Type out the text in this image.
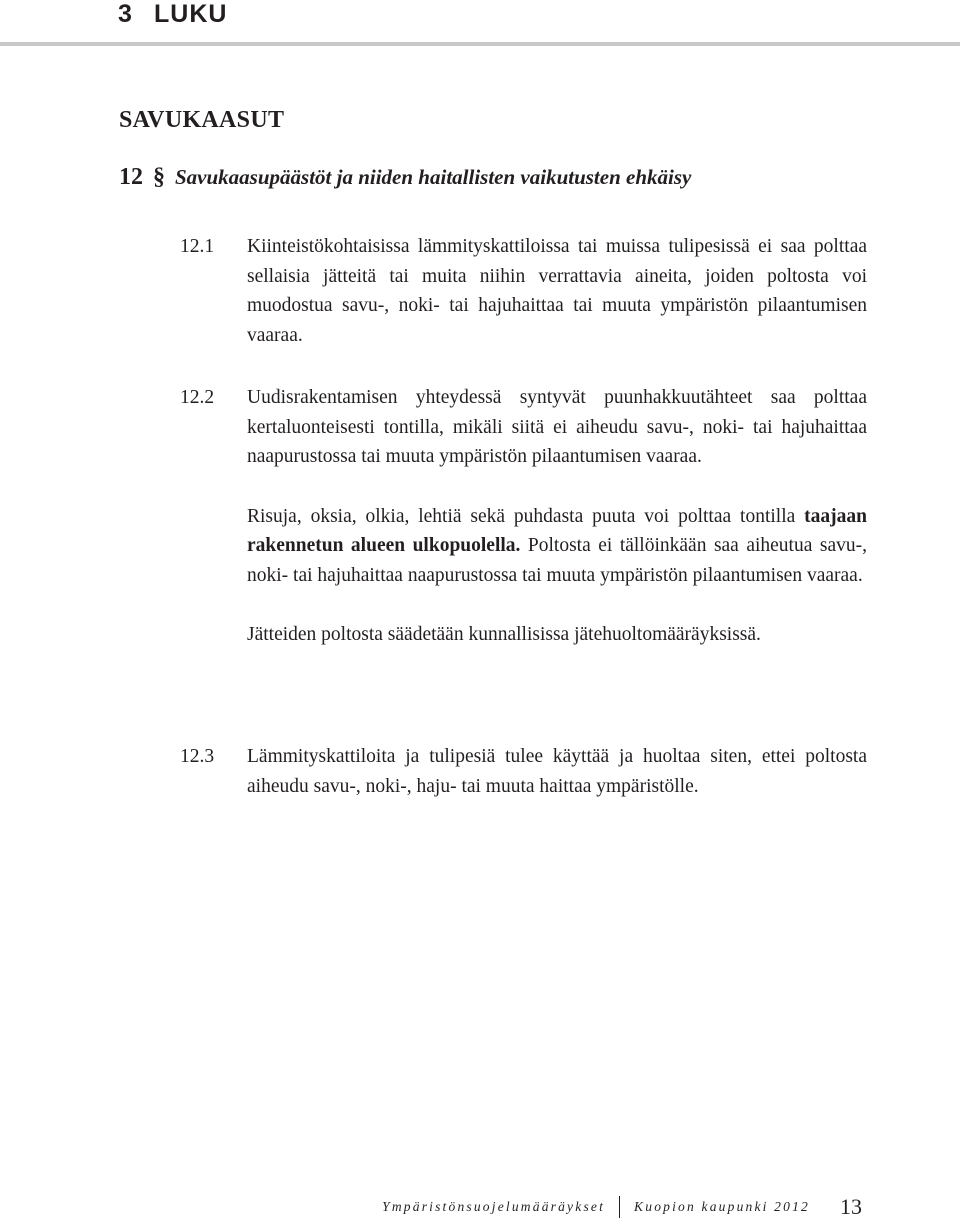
3 LUKU
SAVUKAASUT
12 § Savukaasupäästöt ja niiden haitallisten vaikutusten ehkäisy
12.1 Kiinteistökohtaisissa lämmityskattiloissa tai muissa tulipesissä ei saa polttaa sellaisia jätteitä tai muita niihin verrattavia aineita, joiden poltosta voi muodostua savu-, noki- tai hajuhaittaa tai muuta ympäristön pilaantumisen vaaraa.

12.2 Uudisrakentamisen yhteydessä syntyvät puunhakkuutähteet saa polttaa kertaluonteisesti tontilla, mikäli siitä ei aiheudu savu-, noki- tai hajuhaittaa naapurustossa tai muuta ympäristön pilaantumisen vaaraa.

Risuja, oksia, olkia, lehtiä sekä puhdasta puuta voi polttaa tontilla taajaan rakennetun alueen ulkopuolella. Poltosta ei tällöinkään saa aiheutua savu-, noki- tai hajuhaittaa naapurustossa tai muuta ympäristön pilaantumisen vaaraa.

Jätteiden poltosta säädetään kunnallisissa jätehuoltomääräyksissä.

12.3 Lämmityskattiloita ja tulipesiä tulee käyttää ja huoltaa siten, ettei poltosta aiheudu savu-, noki-, haju- tai muuta haittaa ympäristölle.

Ympäristönsuojelumääräykset Kuopion kaupunki 2012 13
